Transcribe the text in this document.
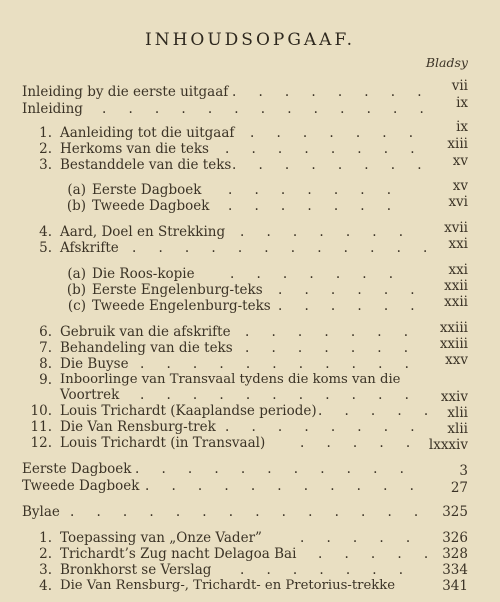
INHOUDSOPGAAF.
Bladsy
Inleiding by die eerste uitgaaf .    .    .    .    .    .    .    .	vii
Inleiding .    .    .    .    .    .    .    .    .    .    .    .    .	ix
1. Aanleiding tot die uitgaaf .    .    .    .    .    .    .	ix
2. Herkoms van die teks .    .    .    .    .    .    .    .	xiii
3. Bestanddele van die teks .    .    .    .    .    .    .    .	xv
(a) Eerste Dagboek .    .    .    .    .    .    .	xv
(b) Tweede Dagboek .    .    .    .    .    .    .	xvi
4. Aard, Doel en Strekking .    .    .    .    .    .    .	xvii
5. Afskrifte .    .    .    .    .    .    .    .    .    .    .    . xxi
(a) Die Roos-kopie	.    .    .    .    .    .    .	xxi
(b) Eerste Engelenburg-teks .    .    .    .    .    .	xxii
(c) Tweede Engelenburg-teks .    .    .    .    .    .	xxii
6. Gebruik van die afskrifte .    .    .    .    .    .    .	xxiii
7. Behandeling van die teks .    .    .    .    .    .    .	xxiii
8. Die Buyse .    .    .    .    .    .    .    .    .    .    .	xxv
9. Inboorlinge van Transvaal tydens die koms van die
Voortrek .    .    .    .    .    .    .    .    .    .    .	xxiv
10. Louis Trichardt (Kaaplandse periode) .    .    .    .    . xlii
11. Die Van Rensburg-trek .    .    .    .    .    .    .    .	xlii
12. Louis Trichardt (in Transvaal)	.    .    .    .    .	lxxxiv
Eerste Dagboek .    .    .    .    .    .    .    .    .    .    .	3
Tweede Dagboek .    .    .    .    .    .    .    .    .    .    .	27
Bylae .    .    .    .    .    .    .    .    .    .    .    .    .    .	325
1. Toepassing van „Onze Vader”	.    .    .    .    .	326
2. Trichardt’s Zug nacht Delagoa Bai .    .    .    .    . 328
3. Bronkhorst se Verslag .    .    .    .    .    .    .	334
4. Die Van Rensburg-, Trichardt- en Pretorius-trekke	341
